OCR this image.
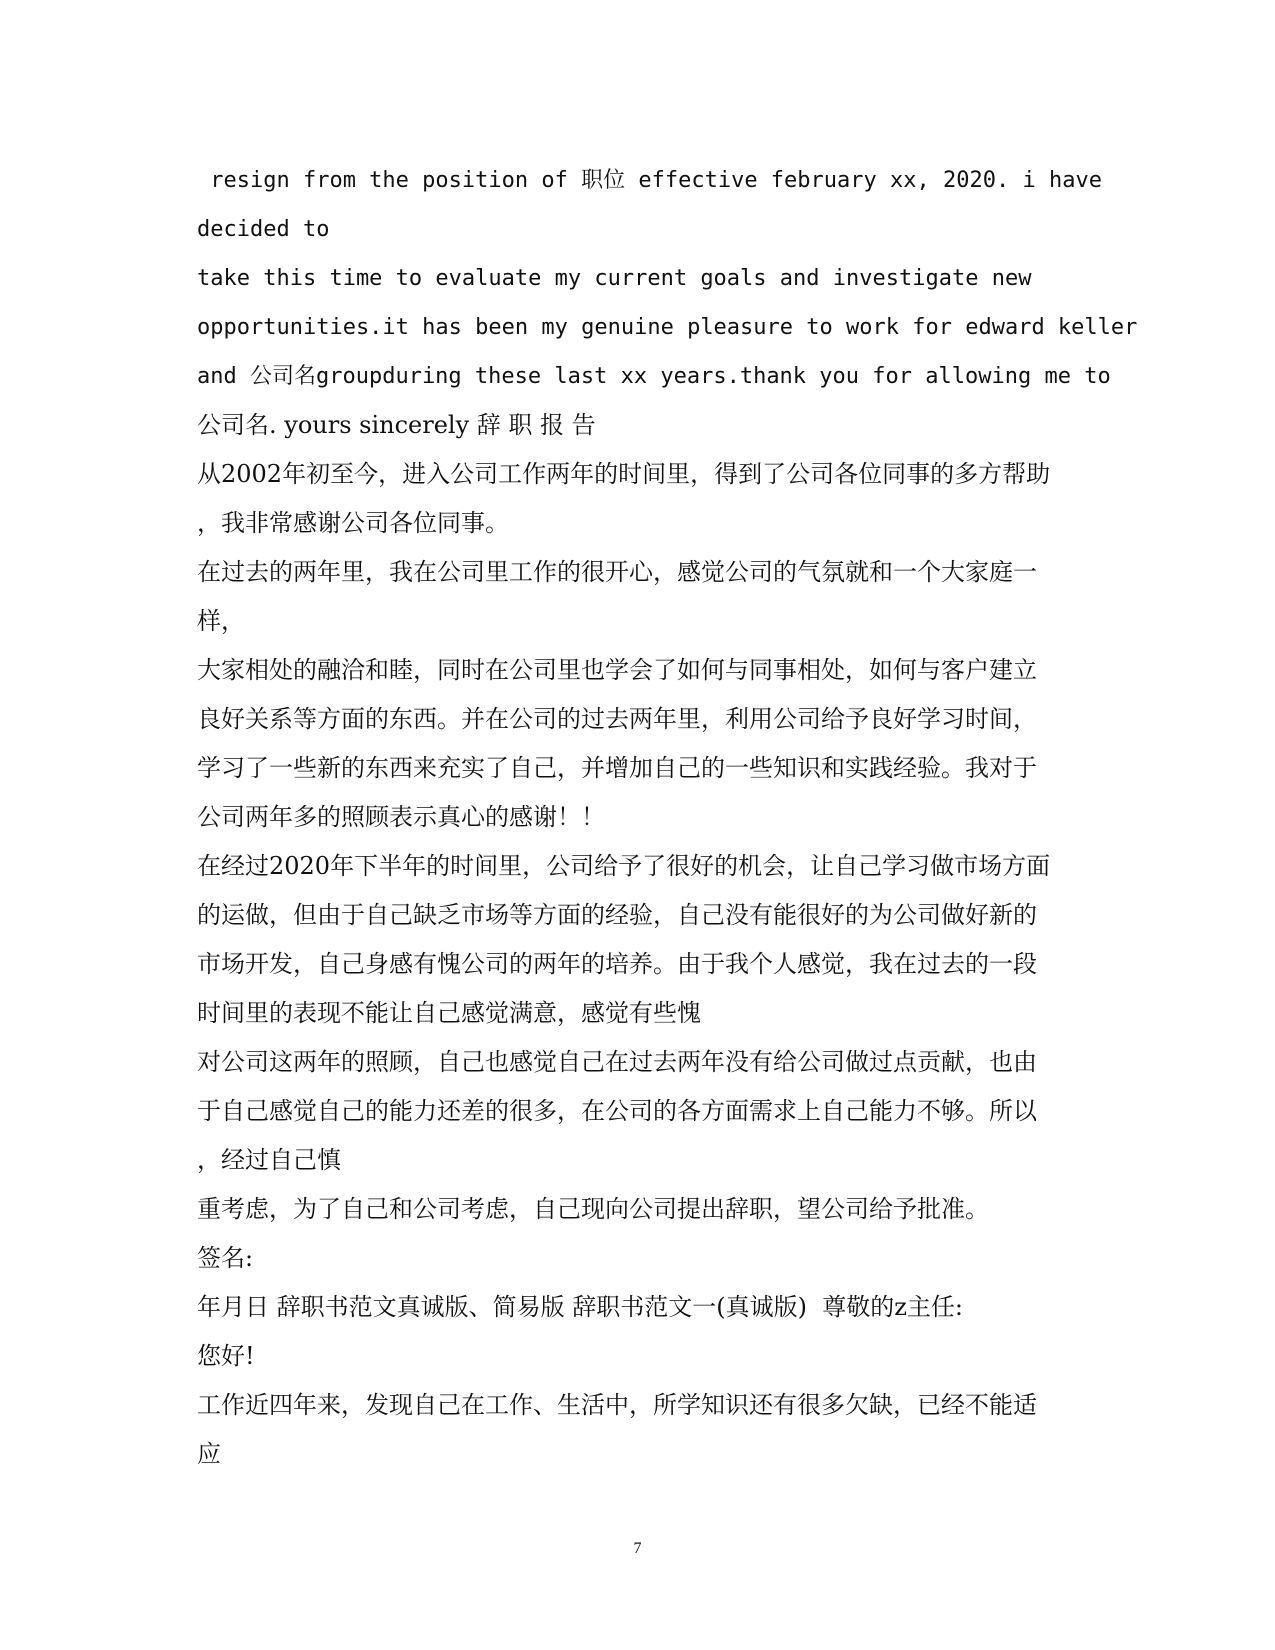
resign from the position of 职位 effective february xx, 2020. i have
decided to
take this time to evaluate my current goals and investigate new
opportunities.it has been my genuine pleasure to work for edward keller
and 公司名groupduring these last xx years.thank you for allowing me to
公司名. yours sincerely 辞 职 报 告
从2002年初至今，进入公司工作两年的时间里，得到了公司各位同事的多方帮助
，我非常感谢公司各位同事。
在过去的两年里，我在公司里工作的很开心，感觉公司的气氛就和一个大家庭一
样，
大家相处的融洽和睦，同时在公司里也学会了如何与同事相处，如何与客户建立
良好关系等方面的东西。并在公司的过去两年里，利用公司给予良好学习时间，
学习了一些新的东西来充实了自己，并增加自己的一些知识和实践经验。我对于
公司两年多的照顾表示真心的感谢！！
在经过2020年下半年的时间里，公司给予了很好的机会，让自己学习做市场方面
的运做，但由于自己缺乏市场等方面的经验，自己没有能很好的为公司做好新的
市场开发，自己身感有愧公司的两年的培养。由于我个人感觉，我在过去的一段
时间里的表现不能让自己感觉满意，感觉有些愧
对公司这两年的照顾，自己也感觉自己在过去两年没有给公司做过点贡献，也由
于自己感觉自己的能力还差的很多，在公司的各方面需求上自己能力不够。所以
，经过自己慎
重考虑，为了自己和公司考虑，自己现向公司提出辞职，望公司给予批准。
签名:
年月日 辞职书范文真诚版、简易版 辞职书范文一(真诚版)  尊敬的z主任:
您好!
工作近四年来，发现自己在工作、生活中，所学知识还有很多欠缺，已经不能适
应
7
